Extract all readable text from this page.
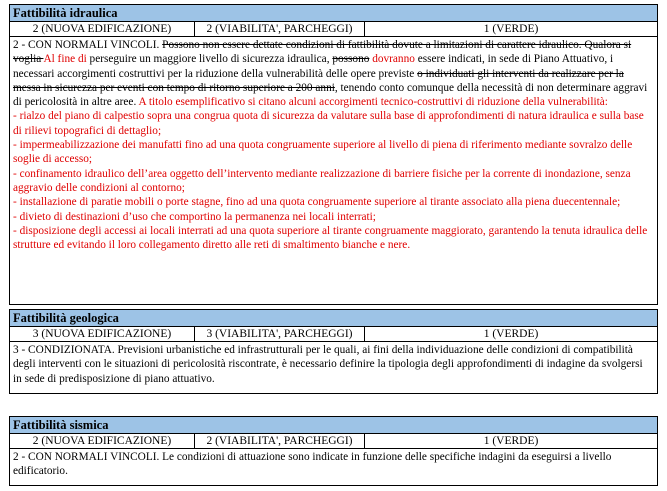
Fattibilità idraulica
2 (NUOVA EDIFICAZIONE)	2 (VIABILITA', PARCHEGGI)	1 (VERDE)
2 - CON NORMALI VINCOLI. Possono non essere dettate condizioni di fattibilità dovute a limitazioni di carattere idraulico. Qualora si voglia Al fine di perseguire un maggiore livello di sicurezza idraulica, possono dovranno essere indicati, in sede di Piano Attuativo, i necessari accorgimenti costruttivi per la riduzione della vulnerabilità delle opere previste o individuati gli interventi da realizzare per la messa in sicurezza per eventi con tempo di ritorno superiore a 200 anni, tenendo conto comunque della necessità di non determinare aggravi di pericolosità in altre aree. A titolo esemplificativo si citano alcuni accorgimenti tecnico-costruttivi di riduzione della vulnerabilità:
- rialzo del piano di calpestio sopra una congrua quota di sicurezza da valutare sulla base di approfondimenti di natura idraulica e sulla base di rilievi topografici di dettaglio;
- impermeabilizzazione dei manufatti fino ad una quota congruamente superiore al livello di piena di riferimento mediante sovralzo delle soglie di accesso;
- confinamento idraulico dell’area oggetto dell’intervento mediante realizzazione di barriere fisiche per la corrente di inondazione, senza aggravio delle condizioni al contorno;
- installazione di paratie mobili o porte stagne, fino ad una quota congruamente superiore al tirante associato alla piena duecentennale;
- divieto di destinazioni d’uso che comportino la permanenza nei locali interrati;
- disposizione degli accessi ai locali interrati ad una quota superiore al tirante congruamente maggiorato, garantendo la tenuta idraulica delle strutture ed evitando il loro collegamento diretto alle reti di smaltimento bianche e nere.
Fattibilità geologica
3 (NUOVA EDIFICAZIONE)	3 (VIABILITA', PARCHEGGI)	1 (VERDE)
3 - CONDIZIONATA. Previsioni urbanistiche ed infrastrutturali per le quali, ai fini della individuazione delle condizioni di compatibilità degli interventi con le situazioni di pericolosità riscontrate, è necessario definire la tipologia degli approfondimenti di indagine da svolgersi in sede di predisposizione di piano attuativo.
Fattibilità sismica
2 (NUOVA EDIFICAZIONE)	2 (VIABILITA', PARCHEGGI)	1 (VERDE)
2 - CON NORMALI VINCOLI. Le condizioni di attuazione sono indicate in funzione delle specifiche indagini da eseguirsi a livello edificatorio.
